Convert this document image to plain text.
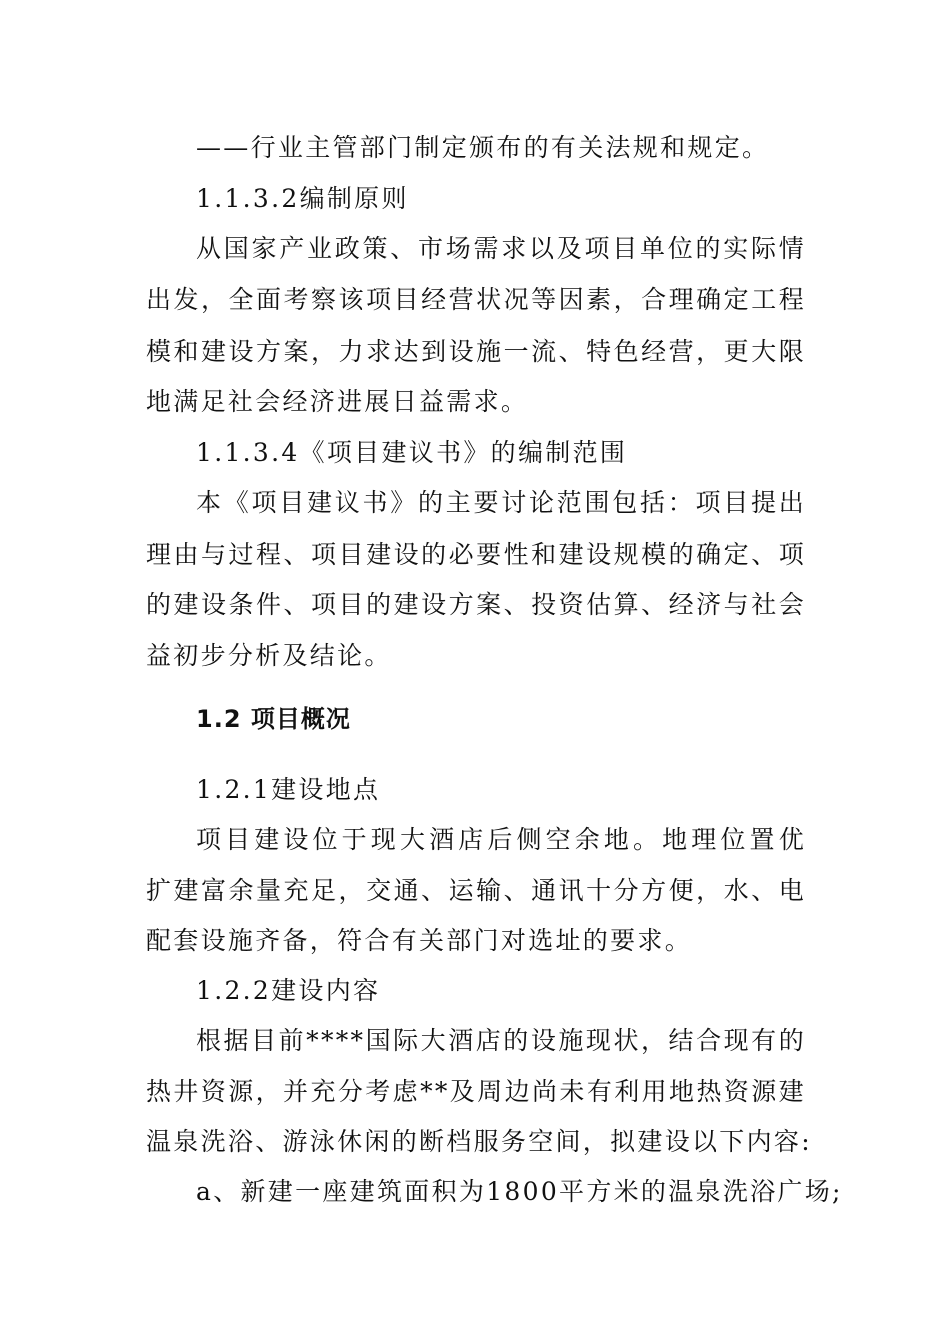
——行业主管部门制定颁布的有关法规和规定。
1.1.3.2编制原则
从国家产业政策、市场需求以及项目单位的实际情
出发，全面考察该项目经营状况等因素，合理确定工程
模和建设方案，力求达到设施一流、特色经营，更大限
地满足社会经济进展日益需求。
1.1.3.4《项目建议书》的编制范围
本《项目建议书》的主要讨论范围包括：项目提出
理由与过程、项目建设的必要性和建设规模的确定、项
的建设条件、项目的建设方案、投资估算、经济与社会
益初步分析及结论。
1.2 项目概况
1.2.1建设地点
项目建设位于现大酒店后侧空余地。地理位置优
扩建富余量充足，交通、运输、通讯十分方便，水、电
配套设施齐备，符合有关部门对选址的要求。
1.2.2建设内容
根据目前****国际大酒店的设施现状，结合现有的
热井资源，并充分考虑**及周边尚未有利用地热资源建
温泉洗浴、游泳休闲的断档服务空间，拟建设以下内容:
a、新建一座建筑面积为1800平方米的温泉洗浴广场;
